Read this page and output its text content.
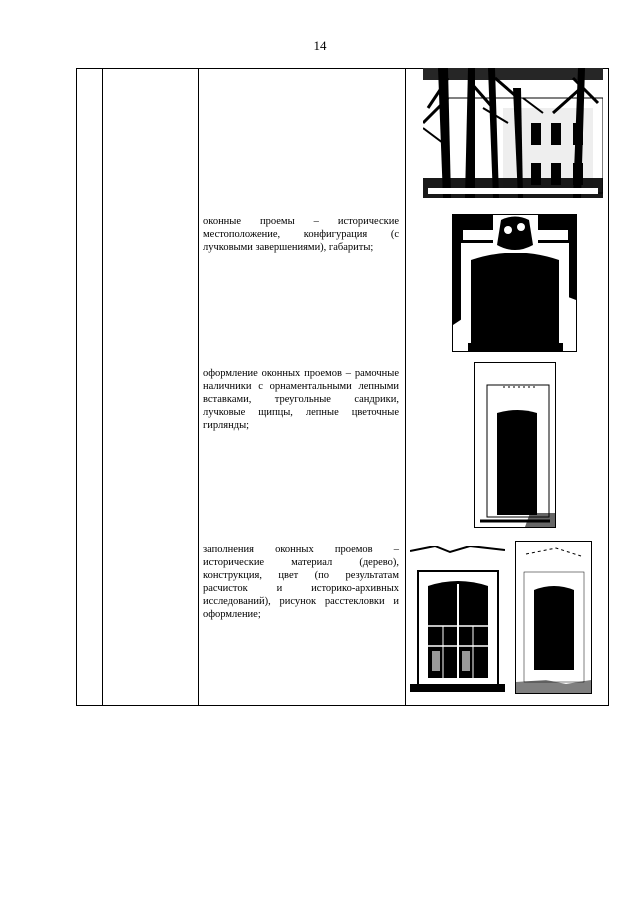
14
оконные проемы – исторические местоположение, конфигурация (с лучковыми завершениями), габариты;
оформление оконных проемов – рамочные наличники с орнаментальными лепными вставками, треугольные сандрики, лучковые щипцы, лепные цветочные гирлянды;
заполнения оконных проемов – исторические материал (дерево), конструкция, цвет (по результатам расчисток и историко-архивных исследований), рисунок расстекловки и оформление;
